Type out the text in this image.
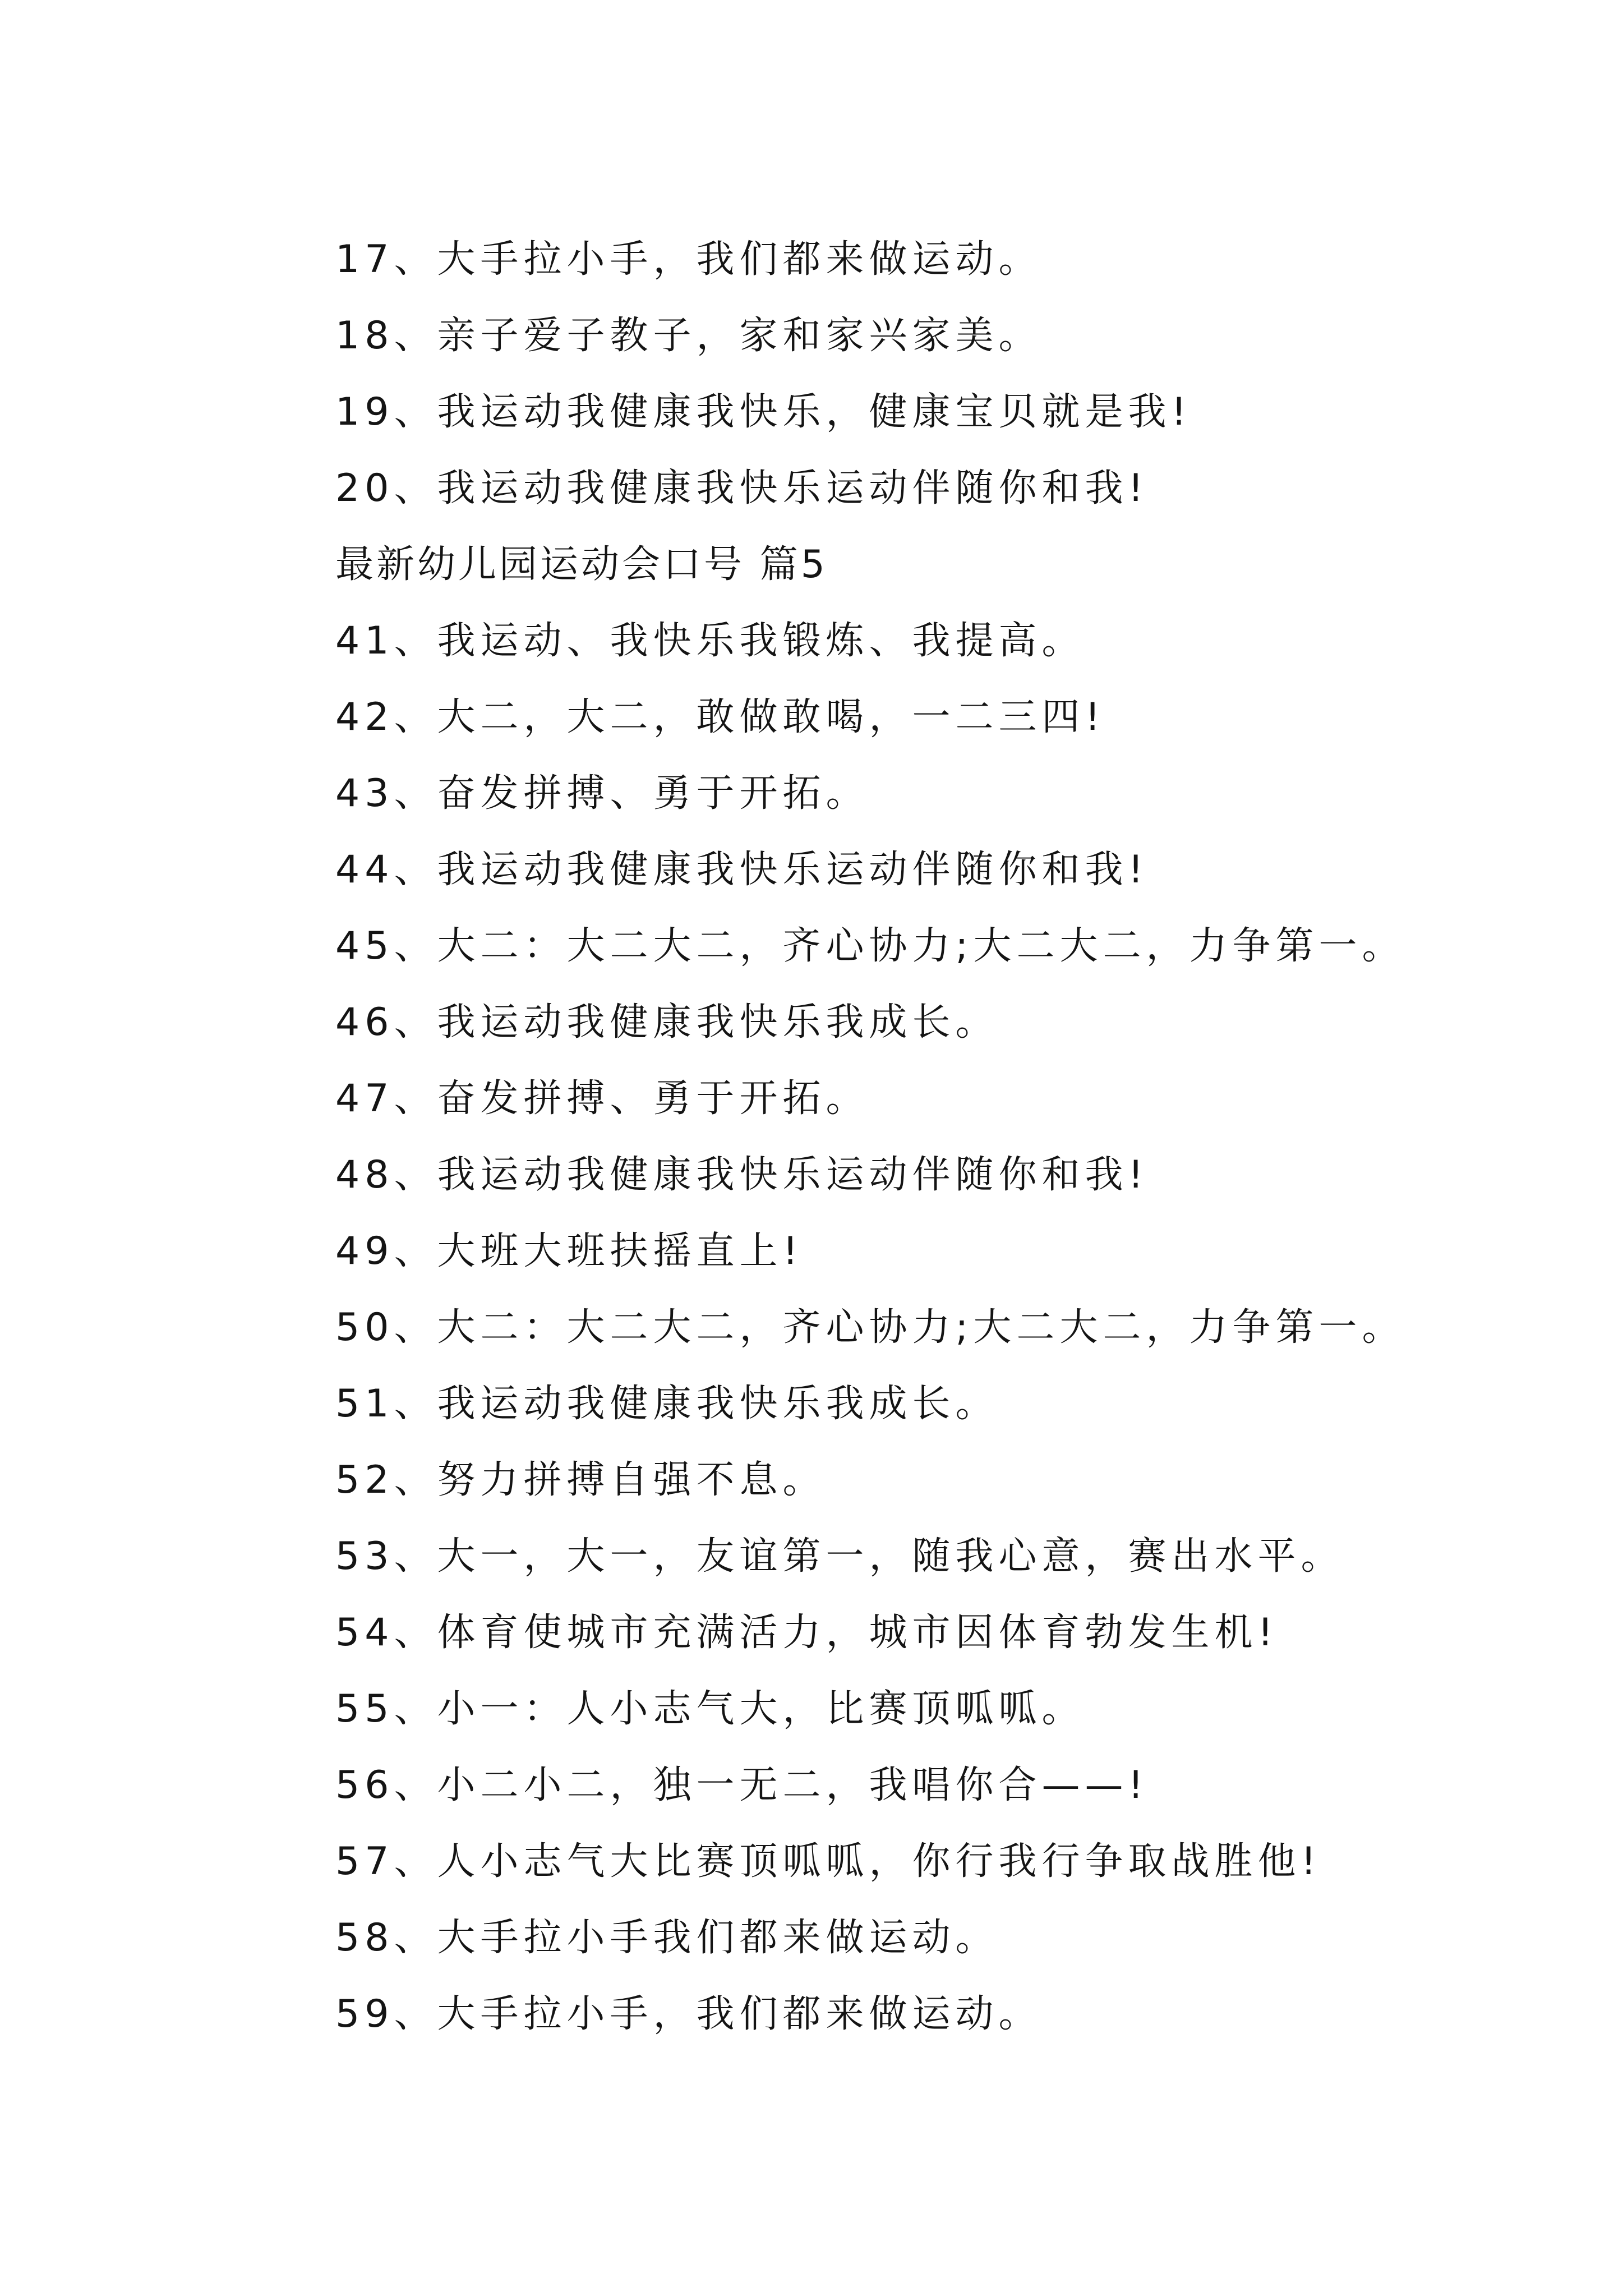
17、大手拉小手，我们都来做运动。
18、亲子爱子教子，家和家兴家美。
19、我运动我健康我快乐，健康宝贝就是我!
20、我运动我健康我快乐运动伴随你和我!
最新幼儿园运动会口号 篇5
41、我运动、我快乐我锻炼、我提高。
42、大二，大二，敢做敢喝，一二三四!
43、奋发拼搏、勇于开拓。
44、我运动我健康我快乐运动伴随你和我!
45、大二：大二大二，齐心协力;大二大二，力争第一。
46、我运动我健康我快乐我成长。
47、奋发拼搏、勇于开拓。
48、我运动我健康我快乐运动伴随你和我!
49、大班大班扶摇直上!
50、大二：大二大二，齐心协力;大二大二，力争第一。
51、我运动我健康我快乐我成长。
52、努力拼搏自强不息。
53、大一，大一，友谊第一，随我心意，赛出水平。
54、体育使城市充满活力，城市因体育勃发生机!
55、小一：人小志气大，比赛顶呱呱。
56、小二小二，独一无二，我唱你合——!
57、人小志气大比赛顶呱呱，你行我行争取战胜他!
58、大手拉小手我们都来做运动。
59、大手拉小手，我们都来做运动。
